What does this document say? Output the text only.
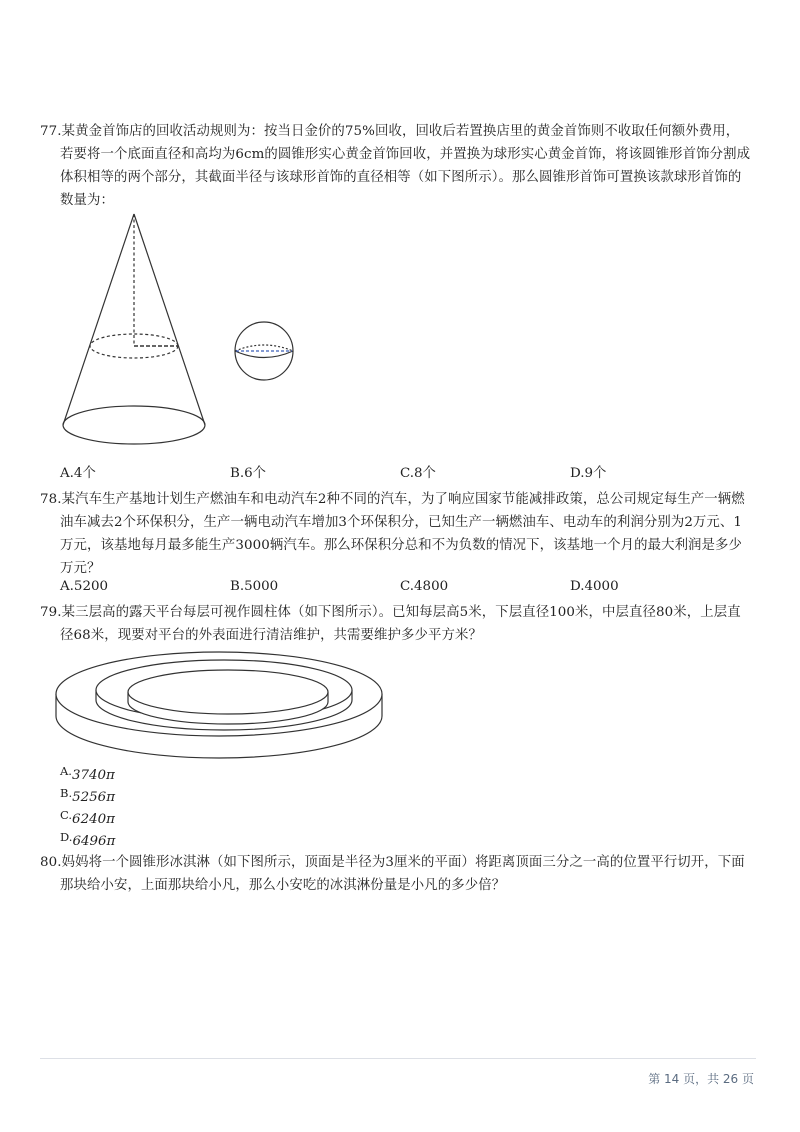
77.某黄金首饰店的回收活动规则为：按当日金价的75%回收，回收后若置换店里的黄金首饰则不收取任何额外费用，若要将一个底面直径和高均为6cm的圆锥形实心黄金首饰回收，并置换为球形实心黄金首饰，将该圆锥形首饰分割成体积相等的两个部分，其截面半径与该球形首饰的直径相等（如下图所示）。那么圆锥形首饰可置换该款球形首饰的数量为：

A.4个	B.6个	C.8个	D.9个

78.某汽车生产基地计划生产燃油车和电动汽车2种不同的汽车，为了响应国家节能减排政策，总公司规定每生产一辆燃油车减去2个环保积分，生产一辆电动汽车增加3个环保积分，已知生产一辆燃油车、电动车的利润分别为2万元、1万元，该基地每月最多能生产3000辆汽车。那么环保积分总和不为负数的情况下，该基地一个月的最大利润是多少万元？

A.5200	B.5000	C.4800	D.4000

79.某三层高的露天平台每层可视作圆柱体（如下图所示）。已知每层高5米，下层直径100米，中层直径80米，上层直径68米，现要对平台的外表面进行清洁维护，共需要维护多少平方米？

A.3740π
B.5256π
C.6240π
D.6496π

80.妈妈将一个圆锥形冰淇淋（如下图所示，顶面是半径为3厘米的平面）将距离顶面三分之一高的位置平行切开，下面那块给小安，上面那块给小凡，那么小安吃的冰淇淋份量是小凡的多少倍？

第 14 页，共 26 页
